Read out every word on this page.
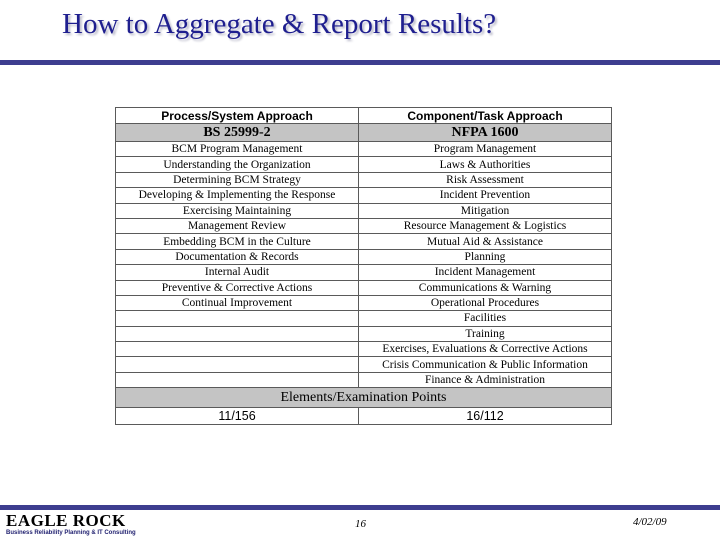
How to Aggregate & Report Results?
Process/System Approach	Component/Task Approach
BS 25999-2	NFPA 1600
BCM Program Management	Program Management
Understanding the Organization	Laws & Authorities
Determining BCM Strategy	Risk Assessment
Developing & Implementing the Response	Incident Prevention
Exercising Maintaining	Mitigation
Management Review	Resource Management & Logistics
Embedding BCM in the Culture	Mutual Aid & Assistance
Documentation & Records	Planning
Internal Audit	Incident Management
Preventive & Corrective Actions	Communications & Warning
Continual Improvement	Operational Procedures
	Facilities
	Training
	Exercises, Evaluations & Corrective Actions
	Crisis Communication & Public Information
	Finance & Administration
Elements/Examination Points	
11/156	16/112
EAGLE ROCK
Business Reliability Planning & IT Consulting
16	4/02/09
